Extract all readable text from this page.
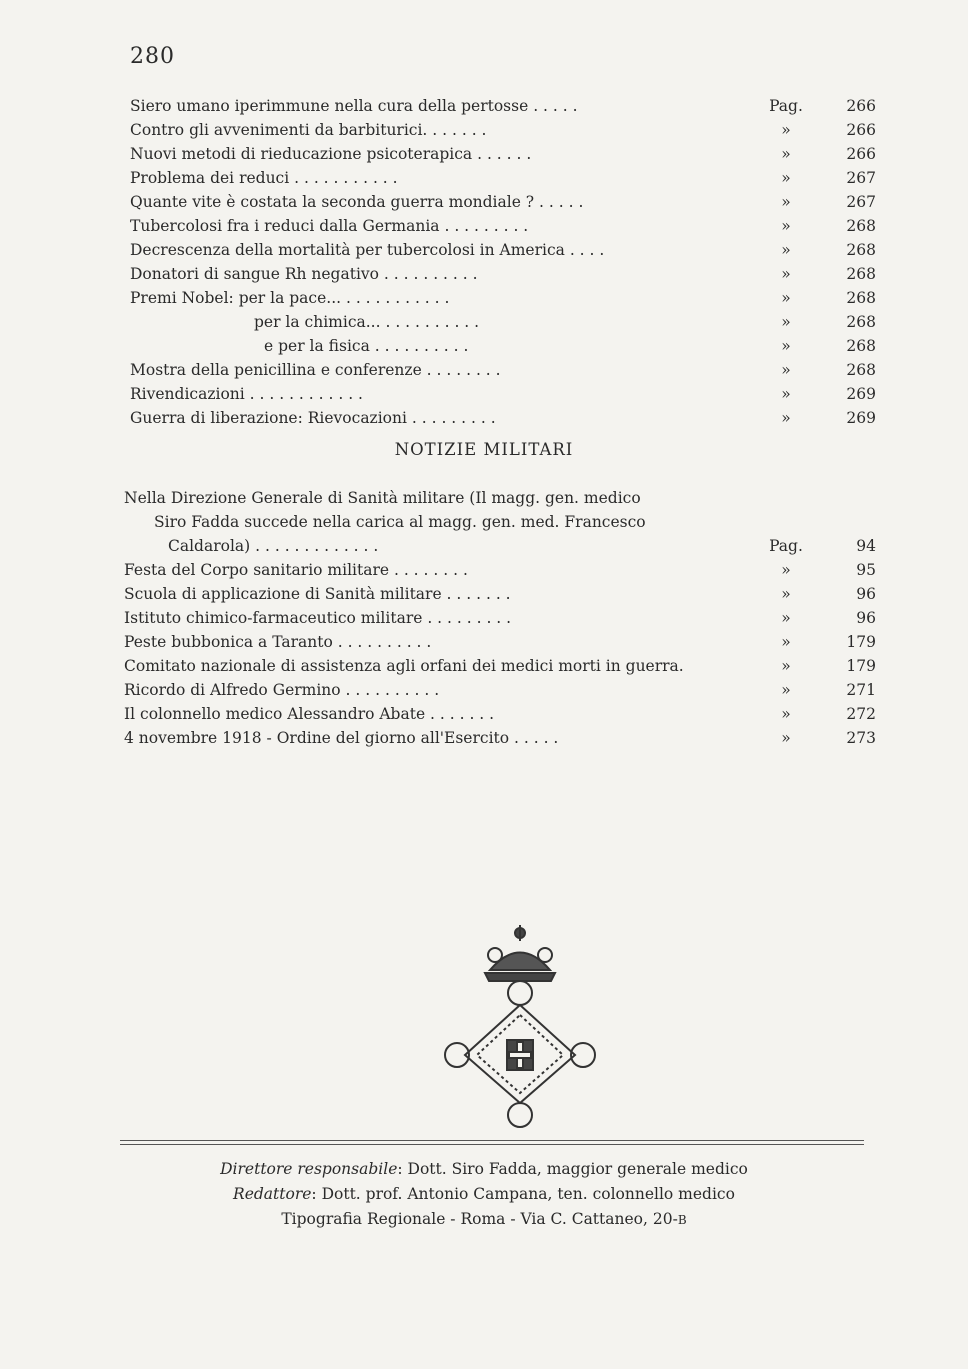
280
Siero umano iperimmune nella cura della pertosse . . . . .	Pag.	266
Contro gli avvenimenti da barbiturici. . . . . . .	»	266
Nuovi metodi di rieducazione psicoterapica . . . . . .	»	266
Problema dei reduci . . . . . . . . . . .	»	267
Quante vite è costata la seconda guerra mondiale ? . . . . .	»	267
Tubercolosi fra i reduci dalla Germania . . . . . . . . .	»	268
Decrescenza della mortalità per tubercolosi in America . . . .	»	268
Donatori di sangue Rh negativo . . . . . . . . . .	»	268
Premi Nobel: per la pace... . . . . . . . . . . .	»	268
per la chimica... . . . . . . . . . .	»	268
e per la fisica . . . . . . . . . .	»	268
Mostra della penicillina e conferenze . . . . . . . .	»	268
Rivendicazioni . . . . . . . . . . . .	»	269
Guerra di liberazione: Rievocazioni . . . . . . . . .	»	269
NOTIZIE MILITARI
Nella Direzione Generale di Sanità militare (Il magg. gen. medico
Siro Fadda succede nella carica al magg. gen. med. Francesco
Caldarola) . . . . . . . . . . . . .	Pag.	94
Festa del Corpo sanitario militare . . . . . . . .	»	95
Scuola di applicazione di Sanità militare . . . . . . .	»	96
Istituto chimico-farmaceutico militare . . . . . . . . .	»	96
Peste bubbonica a Taranto . . . . . . . . . .	»	179
Comitato nazionale di assistenza agli orfani dei medici morti in guerra.	»	179
Ricordo di Alfredo Germino . . . . . . . . . .	»	271
Il colonnello medico Alessandro Abate . . . . . . .	»	272
4 novembre 1918 - Ordine del giorno all'Esercito . . . . .	»	273
Direttore responsabile: Dott. Siro Fadda, maggior generale medico
Redattore: Dott. prof. Antonio Campana, ten. colonnello medico
Tipografia Regionale - Roma - Via C. Cattaneo, 20-B
